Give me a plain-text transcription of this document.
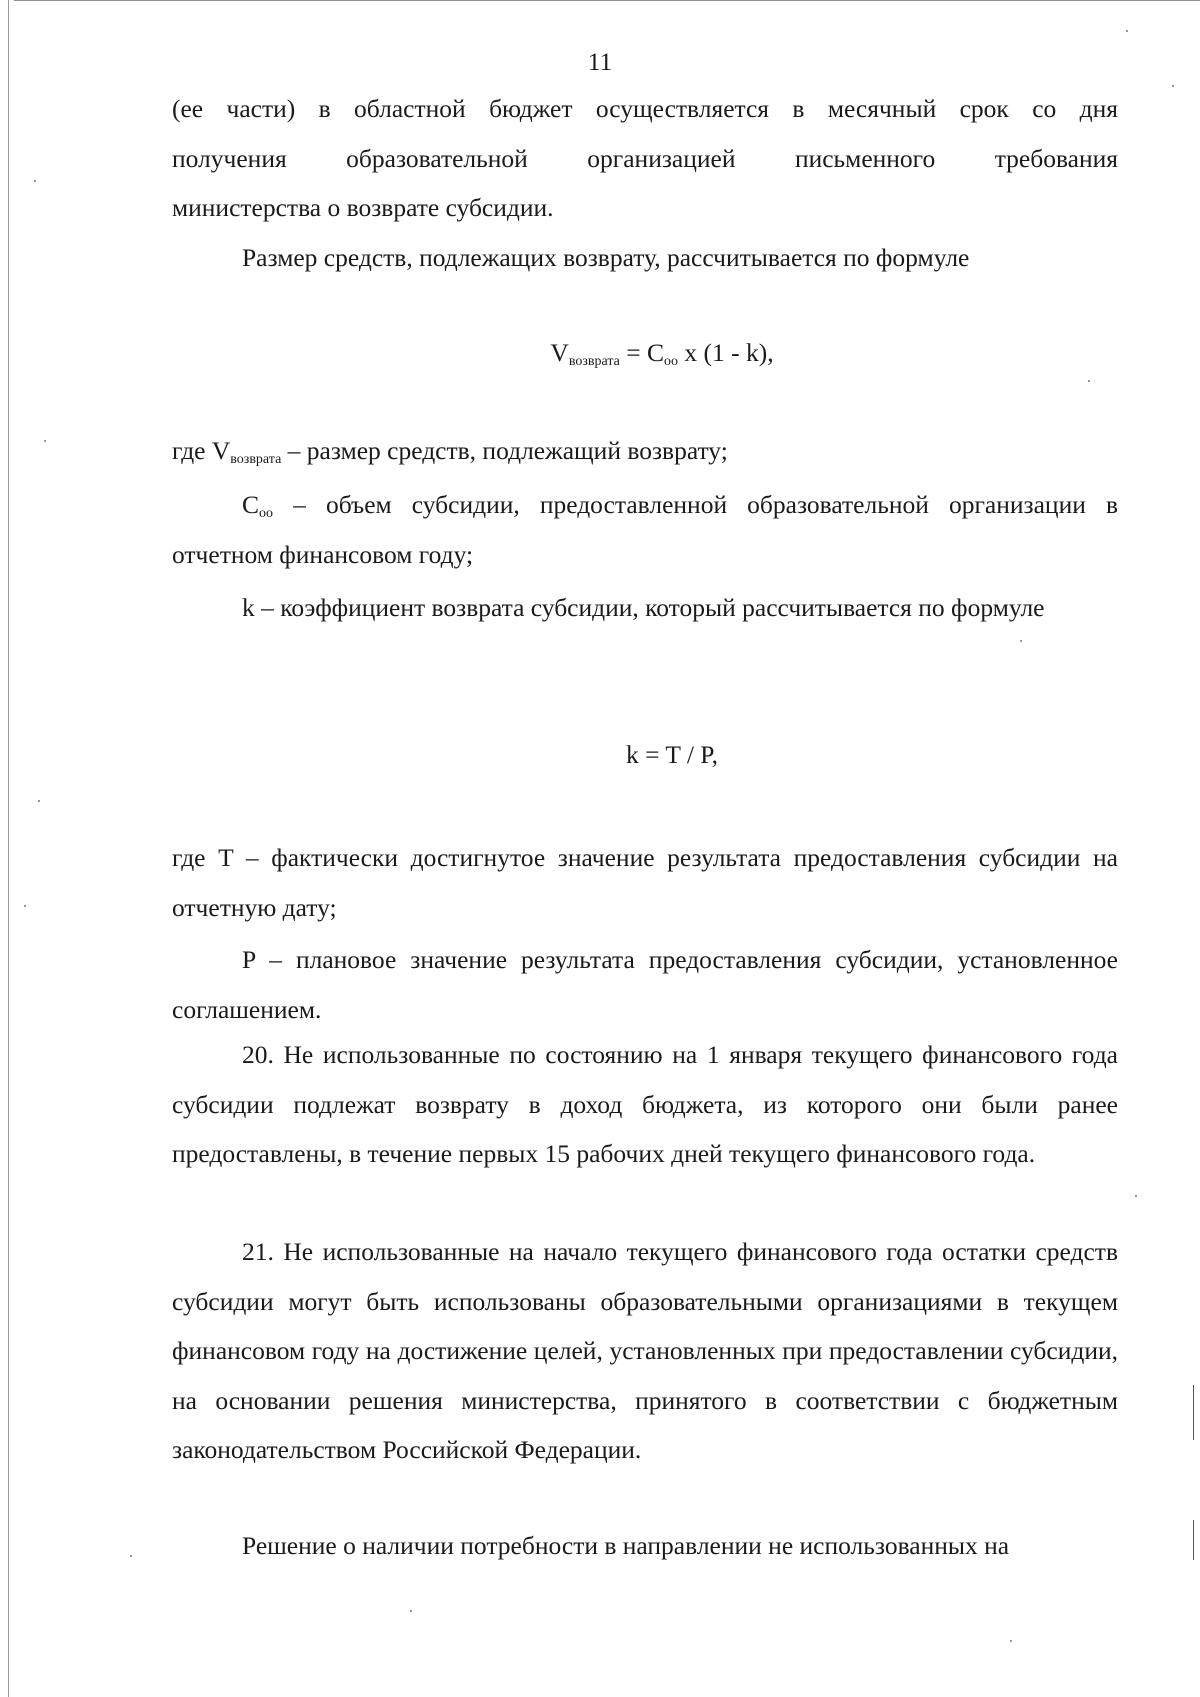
11

(ее части) в областной бюджет осуществляется в месячный срок со дня

получения образовательной организацией письменного требования

министерства о возврате субсидии.

Размер средств, подлежащих возврату, рассчитывается по формуле

$V_{возврата} = C_{оо}$ x (1 - k),

где $V_{возврата}$ – размер средств, подлежащий возврату;

$C_{оо}$ – объем субсидии, предоставленной образовательной организации в отчетном финансовом году;

k – коэффициент возврата субсидии, который рассчитывается по формуле

k = T / P,

где T – фактически достигнутое значение результата предоставления субсидии на отчетную дату;

P – плановое значение результата предоставления субсидии, установленное соглашением.

20. Не использованные по состоянию на 1 января текущего финансового года субсидии подлежат возврату в доход бюджета, из которого они были ранее предоставлены, в течение первых 15 рабочих дней текущего финансового года.

21. Не использованные на начало текущего финансового года остатки средств субсидии могут быть использованы образовательными организациями в текущем финансовом году на достижение целей, установленных при предоставлении субсидии, на основании решения министерства, принятого в соответствии с бюджетным законодательством Российской Федерации.

Решение о наличии потребности в направлении не использованных на
